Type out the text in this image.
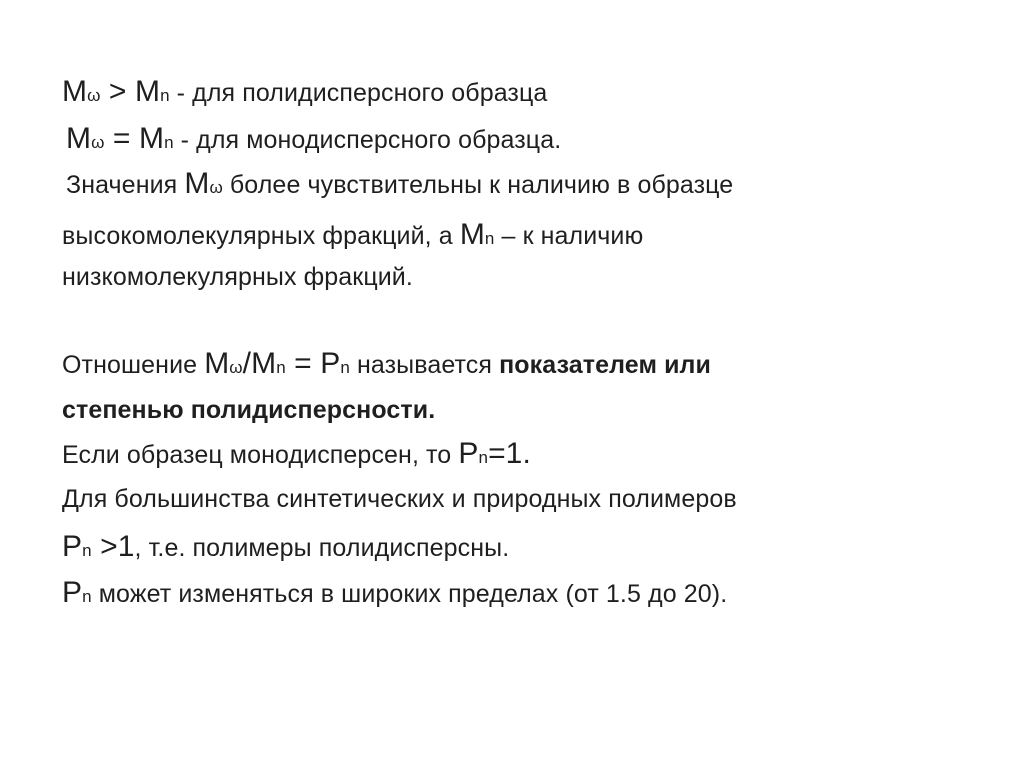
Mω > Mn - для полидисперсного образца
Mω = Mn - для монодисперсного образца.
Значения Mω более чувствительны к наличию в образце
высокомолекулярных фракций, а Mn – к наличию
низкомолекулярных фракций.
Отношение Mω/Mn = Pn называется показателем или
степенью полидисперсности.
Если образец монодисперсен, то Pn=1.
Для большинства синтетических и природных полимеров
Pn >1, т.е. полимеры полидисперсны.
Pn может изменяться в широких пределах (от 1.5 до 20).
